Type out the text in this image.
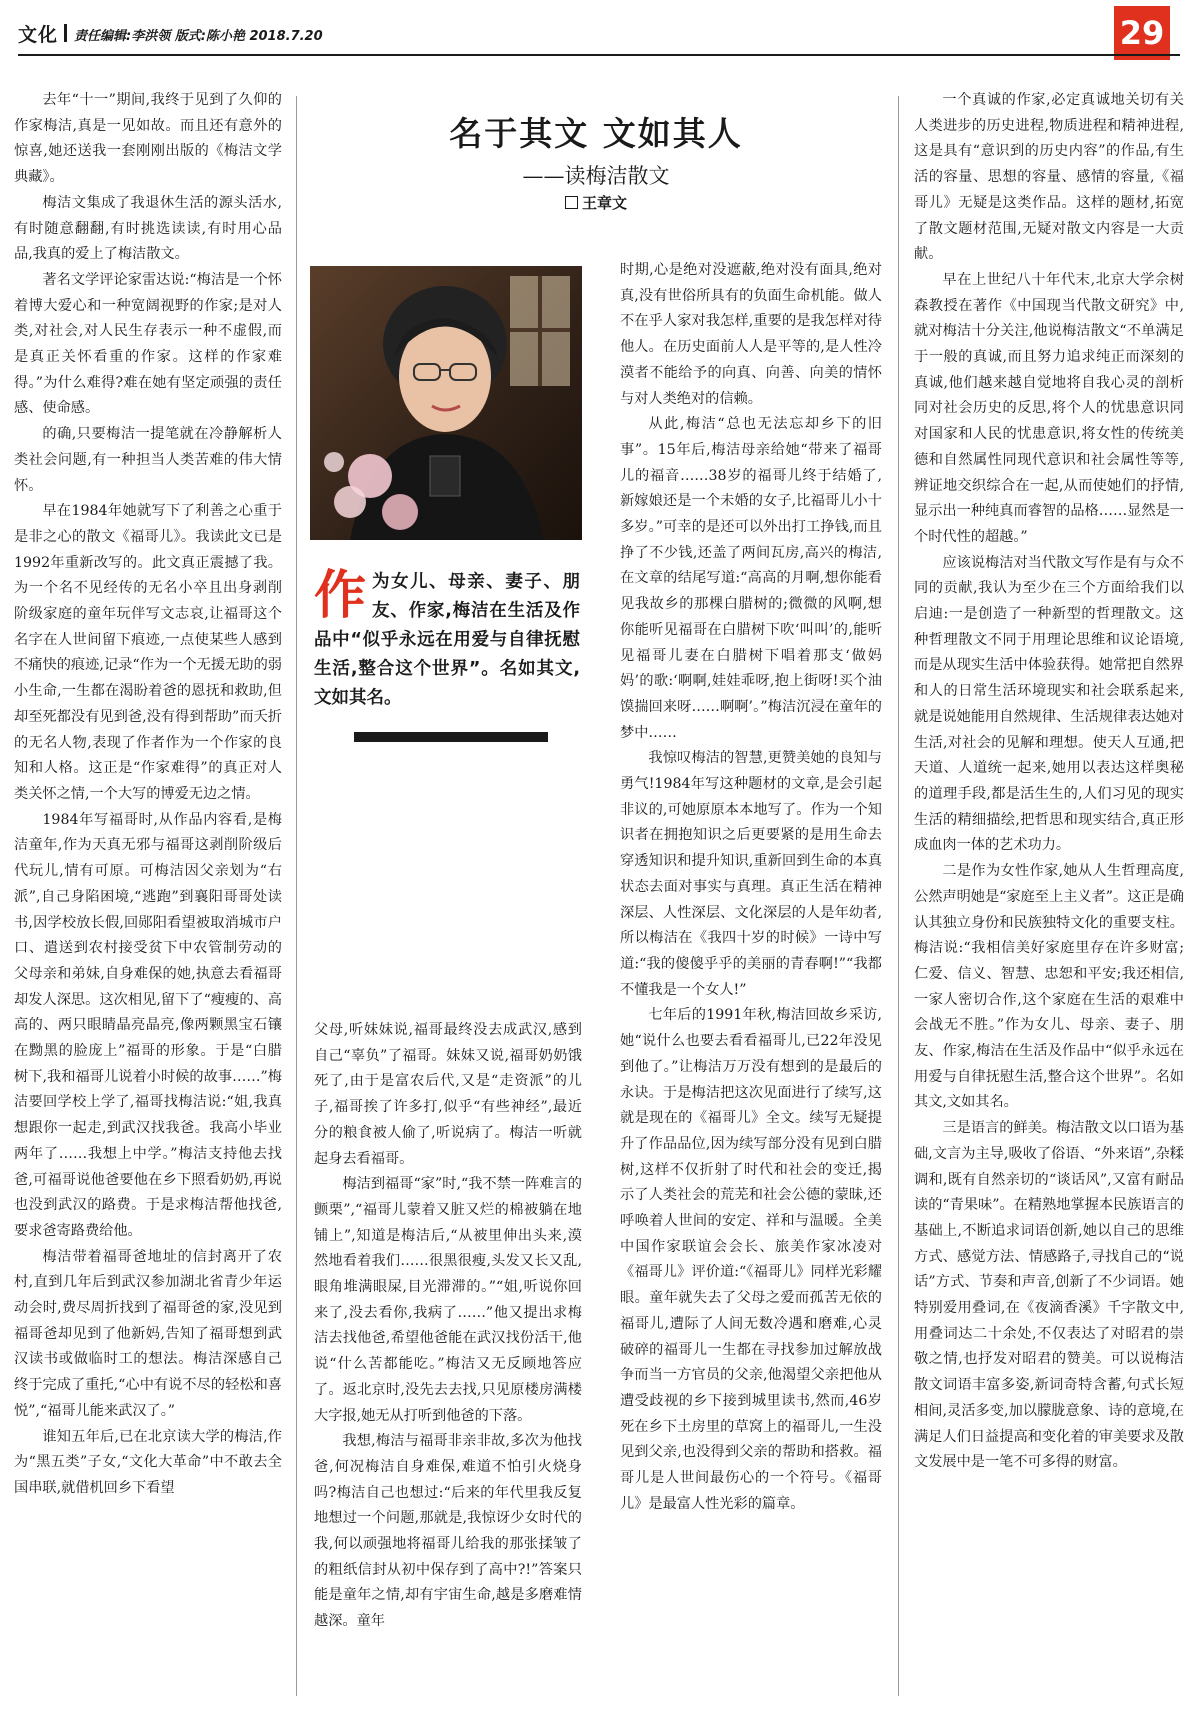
文化 责任编辑:李洪领 版式:陈小艳 2018.7.20	29

去年“十一”期间,我终于见到了久仰的作家梅洁,真是一见如故。而且还有意外的惊喜,她还送我一套刚刚出版的《梅洁文学典藏》。

梅洁文集成了我退休生活的源头活水,有时随意翻翻,有时挑选读读,有时用心品品,我真的爱上了梅洁散文。

著名文学评论家雷达说:“梅洁是一个怀着博大爱心和一种宽阔视野的作家;是对人类,对社会,对人民生存表示一种不虚假,而是真正关怀看重的作家。这样的作家难得。”为什么难得?难在她有坚定顽强的责任感、使命感。

的确,只要梅洁一提笔就在冷静解析人类社会问题,有一种担当人类苦难的伟大情怀。

早在1984年她就写下了利善之心重于是非之心的散文《福哥儿》。我读此文已是1992年重新改写的。此文真正震撼了我。为一个名不见经传的无名小卒且出身剥削阶级家庭的童年玩伴写文志哀,让福哥这个名字在人世间留下痕迹,一点使某些人感到不痛快的痕迹,记录“作为一个无援无助的弱小生命,一生都在渴盼着爸的恩抚和救助,但却至死都没有见到爸,没有得到帮助”而夭折的无名人物,表现了作者作为一个作家的良知和人格。这正是“作家难得”的真正对人类关怀之情,一个大写的博爱无边之情。

1984年写福哥时,从作品内容看,是梅洁童年,作为天真无邪与福哥这剥削阶级后代玩儿,情有可原。可梅洁因父亲划为“右派”,自己身陷困境,“逃跑”到襄阳哥哥处读书,因学校放长假,回郧阳看望被取消城市户口、遣送到农村接受贫下中农管制劳动的父母亲和弟妹,自身难保的她,执意去看福哥却发人深思。这次相见,留下了“瘦瘦的、高高的、两只眼睛晶亮晶亮,像两颗黑宝石镶在黝黑的脸庞上”福哥的形象。于是“白腊树下,我和福哥儿说着小时候的故事……”梅洁要回学校上学了,福哥找梅洁说:“姐,我真想跟你一起走,到武汉找我爸。我高小毕业两年了……我想上中学。”梅洁支持他去找爸,可福哥说他爸要他在乡下照看奶奶,再说也没到武汉的路费。于是求梅洁帮他找爸,要求爸寄路费给他。

梅洁带着福哥爸地址的信封离开了农村,直到几年后到武汉参加湖北省青少年运动会时,费尽周折找到了福哥爸的家,没见到福哥爸却见到了他新妈,告知了福哥想到武汉读书或做临时工的想法。梅洁深感自己终于完成了重托,“心中有说不尽的轻松和喜悦”,“福哥儿能来武汉了。”

谁知五年后,已在北京读大学的梅洁,作为“黑五类”子女,“文化大革命”中不敢去全国串联,就借机回乡下看望

名于其文 文如其人
——读梅洁散文
王章文
作为女儿、母亲、妻子、朋友、作家,梅洁在生活及作品中“似乎永远在用爱与自律抚慰生活,整合这个世界”。名如其文,文如其名。

父母,听妹妹说,福哥最终没去成武汉,感到自己“辜负”了福哥。妹妹又说,福哥奶奶饿死了,由于是富农后代,又是“走资派”的儿子,福哥挨了许多打,似乎“有些神经”,最近分的粮食被人偷了,听说病了。梅洁一听就起身去看福哥。

梅洁到福哥“家”时,“我不禁一阵难言的颤栗”,“福哥儿蒙着又脏又烂的棉被躺在地铺上”,知道是梅洁后,“从被里伸出头来,漠然地看着我们……很黑很瘦,头发又长又乱,眼角堆满眼屎,目光滞滞的。”“姐,听说你回来了,没去看你,我病了……”他又提出求梅洁去找他爸,希望他爸能在武汉找份活干,他说“什么苦都能吃。”梅洁又无反顾地答应了。返北京时,没先去去找,只见原楼房满楼大字报,她无从打听到他爸的下落。

我想,梅洁与福哥非亲非故,多次为他找爸,何况梅洁自身难保,难道不怕引火烧身吗?梅洁自己也想过:“后来的年代里我反复地想过一个问题,那就是,我惊讶少女时代的我,何以顽强地将福哥儿给我的那张揉皱了的粗纸信封从初中保存到了高中?!”答案只能是童年之情,却有宇宙生命,越是多磨难情越深。童年

时期,心是绝对没遮蔽,绝对没有面具,绝对真,没有世俗所具有的负面生命机能。做人不在乎人家对我怎样,重要的是我怎样对待他人。在历史面前人人是平等的,是人性冷漠者不能给予的向真、向善、向美的情怀与对人类绝对的信赖。

从此,梅洁“总也无法忘却乡下的旧事”。15年后,梅洁母亲给她“带来了福哥儿的福音……38岁的福哥儿终于结婚了,新嫁娘还是一个未婚的女子,比福哥儿小十多岁。”可幸的是还可以外出打工挣钱,而且挣了不少钱,还盖了两间瓦房,高兴的梅洁,在文章的结尾写道:“高高的月啊,想你能看见我故乡的那棵白腊树的;微微的风啊,想你能听见福哥在白腊树下吹‘叫叫’的,能听见福哥儿妻在白腊树下唱着那支‘做妈妈’的歌:‘啊啊,娃娃乖呀,抱上街呀!买个油馍揣回来呀……啊啊’。”梅洁沉浸在童年的梦中……

我惊叹梅洁的智慧,更赞美她的良知与勇气!1984年写这种题材的文章,是会引起非议的,可她原原本本地写了。作为一个知识者在拥抱知识之后更要紧的是用生命去穿透知识和提升知识,重新回到生命的本真状态去面对事实与真理。真正生活在精神深层、人性深层、文化深层的人是年幼者,所以梅洁在《我四十岁的时候》一诗中写道:“我的傻傻乎乎的美丽的青春啊!”“我都不懂我是一个女人!”

七年后的1991年秋,梅洁回故乡采访,她“说什么也要去看看福哥儿,已22年没见到他了。”让梅洁万万没有想到的是最后的永诀。于是梅洁把这次见面进行了续写,这就是现在的《福哥儿》全文。续写无疑提升了作品品位,因为续写部分没有见到白腊树,这样不仅折射了时代和社会的变迁,揭示了人类社会的荒芜和社会公德的蒙昧,还呼唤着人世间的安定、祥和与温暖。全美中国作家联谊会会长、旅美作家冰凌对《福哥儿》评价道:“《福哥儿》同样光彩耀眼。童年就失去了父母之爱而孤苦无依的福哥儿,遭际了人间无数冷遇和磨难,心灵破碎的福哥儿一生都在寻找参加过解放战争而当一方官员的父亲,他渴望父亲把他从遭受歧视的乡下接到城里读书,然而,46岁死在乡下土房里的草窝上的福哥儿,一生没见到父亲,也没得到父亲的帮助和搭救。福哥儿是人世间最伤心的一个符号。《福哥儿》是最富人性光彩的篇章。

一个真诚的作家,必定真诚地关切有关人类进步的历史进程,物质进程和精神进程,这是具有“意识到的历史内容”的作品,有生活的容量、思想的容量、感情的容量,《福哥儿》无疑是这类作品。这样的题材,拓宽了散文题材范围,无疑对散文内容是一大贡献。

早在上世纪八十年代末,北京大学佘树森教授在著作《中国现当代散文研究》中,就对梅洁十分关注,他说梅洁散文“不单满足于一般的真诚,而且努力追求纯正而深刻的真诚,他们越来越自觉地将自我心灵的剖析同对社会历史的反思,将个人的忧患意识同对国家和人民的忧患意识,将女性的传统美德和自然属性同现代意识和社会属性等等,辨证地交织综合在一起,从而使她们的抒情,显示出一种纯真而睿智的品格……显然是一个时代性的超越。”

应该说梅洁对当代散文写作是有与众不同的贡献,我认为至少在三个方面给我们以启迪:一是创造了一种新型的哲理散文。这种哲理散文不同于用理论思维和议论语境,而是从现实生活中体验获得。她常把自然界和人的日常生活环境现实和社会联系起来,就是说她能用自然规律、生活规律表达她对生活,对社会的见解和理想。使天人互通,把天道、人道统一起来,她用以表达这样奥秘的道理手段,都是活生生的,人们习见的现实生活的精细描绘,把哲思和现实结合,真正形成血肉一体的艺术功力。

二是作为女性作家,她从人生哲理高度,公然声明她是“家庭至上主义者”。这正是确认其独立身份和民族独特文化的重要支柱。梅洁说:“我相信美好家庭里存在许多财富;仁爱、信义、智慧、忠恕和平安;我还相信,一家人密切合作,这个家庭在生活的艰难中会战无不胜。”作为女儿、母亲、妻子、朋友、作家,梅洁在生活及作品中“似乎永远在用爱与自律抚慰生活,整合这个世界”。名如其文,文如其名。

三是语言的鲜美。梅洁散文以口语为基础,文言为主导,吸收了俗语、“外来语”,杂糅调和,既有自然亲切的“谈话风”,又富有耐品读的“青果味”。在精熟地掌握本民族语言的基础上,不断追求词语创新,她以自己的思维方式、感觉方法、情感路子,寻找自己的“说话”方式、节奏和声音,创新了不少词语。她特别爱用叠词,在《夜滴香溪》千字散文中,用叠词达二十余处,不仅表达了对昭君的崇敬之情,也抒发对昭君的赞美。可以说梅洁散文词语丰富多姿,新词奇特含蓄,句式长短相间,灵活多变,加以朦胧意象、诗的意境,在满足人们日益提高和变化着的审美要求及散文发展中是一笔不可多得的财富。
